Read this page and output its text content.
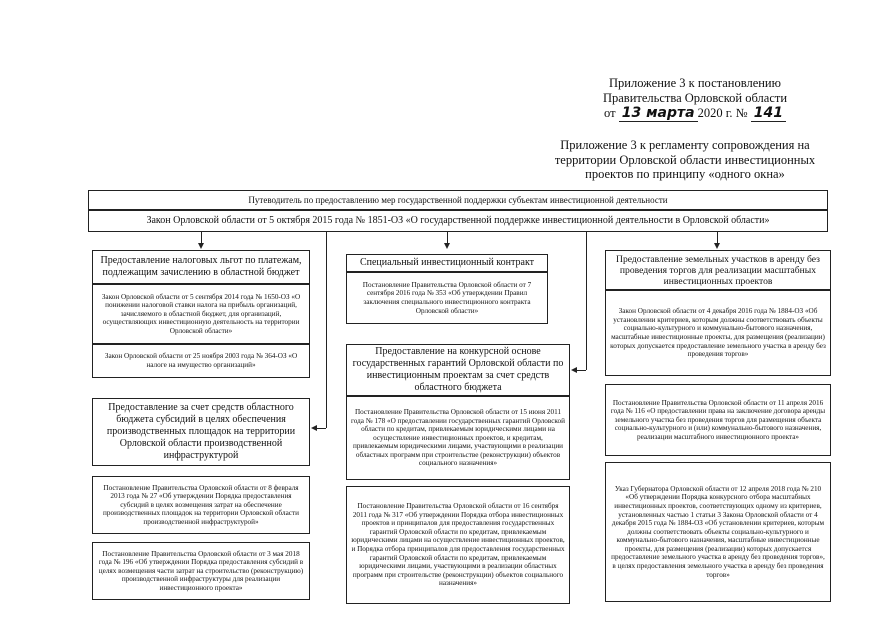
Приложение 3 к постановлению
Правительства Орловской области
от 13 марта 2020 г. № 141
Приложение 3 к регламенту сопровождения на
территории Орловской области инвестиционных
проектов по принципу «одного окна»
Путеводитель по предоставлению мер государственной поддержки субъектам инвестиционной деятельности
Закон Орловской области от 5 октября 2015 года № 1851-ОЗ «О государственной поддержке инвестиционной деятельности в Орловской области»
Предоставление налоговых льгот по платежам, подлежащим зачислению в областной бюджет
Закон Орловской области от 5 сентября 2014 года № 1650-ОЗ «О понижении налоговой ставки налога на прибыль организаций, зачисляемого в областной бюджет, для организаций, осуществляющих инвестиционную деятельность на территории Орловской области»
Закон Орловской области от 25 ноября 2003 года № 364-ОЗ «О налоге на имущество организаций»
Предоставление за счет средств областного бюджета субсидий в целях обеспечения производственных площадок на территории Орловской области производственной инфраструктурой
Постановление Правительства Орловской области от 8 февраля 2013 года № 27 «Об утверждении Порядка предоставления субсидий в целях возмещения затрат на обеспечение производственных площадок на территории Орловской области производственной инфраструктурой»
Постановление Правительства Орловской области от 3 мая 2018 года № 196 «Об утверждении Порядка предоставления субсидий в целях возмещения части затрат на строительство (реконструкцию) производственной инфраструктуры для реализации инвестиционного проекта»
Специальный инвестиционный контракт
Постановление Правительства Орловской области от 7 сентября 2016 года № 353 «Об утверждении Правил заключения специального инвестиционного контракта Орловской области»
Предоставление на конкурсной основе государственных гарантий Орловской области по инвестиционным проектам за счет средств областного бюджета
Постановление Правительства Орловской области от 15 июня 2011 года № 178 «О предоставлении государственных гарантий Орловской области по кредитам, привлекаемым юридическими лицами на осуществление инвестиционных проектов, и кредитам, привлекаемым юридическими лицами, участвующими в реализации областных программ при строительстве (реконструкции) объектов социального назначения»
Постановление Правительства Орловской области от 16 сентября 2011 года № 317 «Об утверждении Порядка отбора инвестиционных проектов и принципалов для предоставления государственных гарантий Орловской области по кредитам, привлекаемым юридическими лицами на осуществление инвестиционных проектов, и Порядка отбора принципалов для предоставления государственных гарантий Орловской области по кредитам, привлекаемым юридическими лицами, участвующими в реализации областных программ при строительстве (реконструкции) объектов социального назначения»
Предоставление земельных участков в аренду без проведения торгов для реализации масштабных инвестиционных проектов
Закон Орловской области от 4 декабря 2016 года № 1884-ОЗ «Об установлении критериев, которым должны соответствовать объекты социально-культурного и коммунально-бытового назначения, масштабные инвестиционные проекты, для размещения (реализации) которых допускается предоставление земельного участка в аренду без проведения торгов»
Постановление Правительства Орловской области от 11 апреля 2016 года № 116 «О предоставлении права на заключение договора аренды земельного участка без проведения торгов для размещения объекта социально-культурного и (или) коммунально-бытового назначения, реализации масштабного инвестиционного проекта»
Указ Губернатора Орловской области от 12 апреля 2018 года № 210 «Об утверждении Порядка конкурсного отбора масштабных инвестиционных проектов, соответствующих одному из критериев, установленных частью 1 статьи 3 Закона Орловской области от 4 декабря 2015 года № 1884-ОЗ «Об установлении критериев, которым должны соответствовать объекты социально-культурного и коммунально-бытового назначения, масштабные инвестиционные проекты, для размещения (реализации) которых допускается предоставление земельного участка в аренду без проведения торгов», в целях предоставления земельного участка в аренду без проведения торгов»
